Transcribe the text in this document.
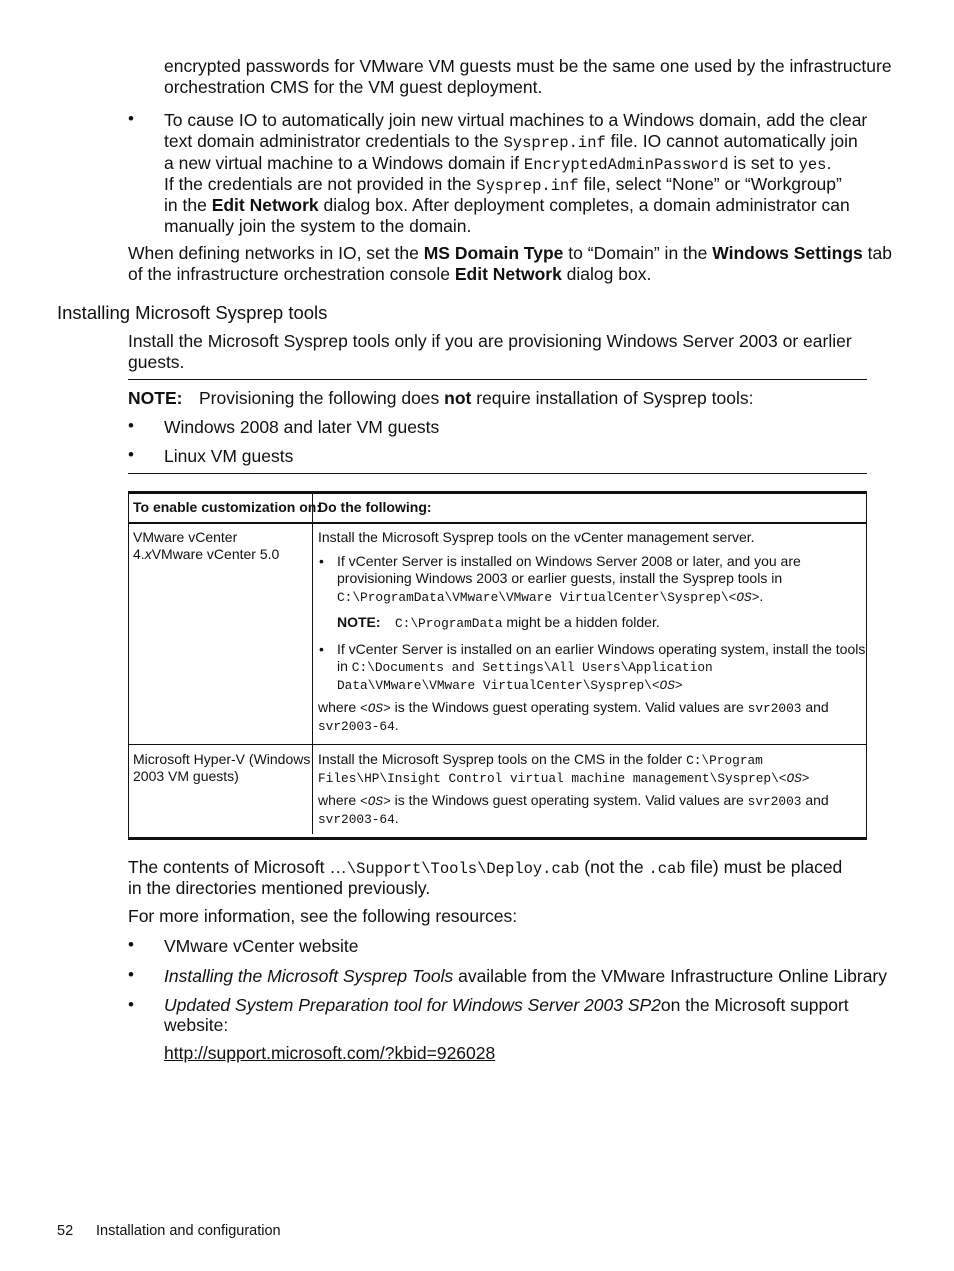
encrypted passwords for VMware VM guests must be the same one used by the infrastructure
orchestration CMS for the VM guest deployment.
• To cause IO to automatically join new virtual machines to a Windows domain, add the clear
text domain administrator credentials to the Sysprep.inf file. IO cannot automatically join
a new virtual machine to a Windows domain if EncryptedAdminPassword is set to yes.
If the credentials are not provided in the Sysprep.inf file, select “None” or “Workgroup”
in the Edit Network dialog box. After deployment completes, a domain administrator can
manually join the system to the domain.
When defining networks in IO, set the MS Domain Type to “Domain” in the Windows Settings tab
of the infrastructure orchestration console Edit Network dialog box.
Installing Microsoft Sysprep tools
Install the Microsoft Sysprep tools only if you are provisioning Windows Server 2003 or earlier
guests.
NOTE: Provisioning the following does not require installation of Sysprep tools:
• Windows 2008 and later VM guests
• Linux VM guests
To enable customization on:
Do the following:
VMware vCenter
4.xVMware vCenter 5.0
Install the Microsoft Sysprep tools on the vCenter management server.
• If vCenter Server is installed on Windows Server 2008 or later, and you are
provisioning Windows 2003 or earlier guests, install the Sysprep tools in
C:\ProgramData\VMware\VMware VirtualCenter\Sysprep\<OS>.
NOTE: C:\ProgramData might be a hidden folder.
• If vCenter Server is installed on an earlier Windows operating system, install the tools
in C:\Documents and Settings\All Users\Application
Data\VMware\VMware VirtualCenter\Sysprep\<OS>
where <OS> is the Windows guest operating system. Valid values are svr2003 and
svr2003-64.
Microsoft Hyper-V (Windows
2003 VM guests)
Install the Microsoft Sysprep tools on the CMS in the folder C:\Program
Files\HP\Insight Control virtual machine management\Sysprep\<OS>
where <OS> is the Windows guest operating system. Valid values are svr2003 and
svr2003-64.
The contents of Microsoft …\Support\Tools\Deploy.cab (not the .cab file) must be placed
in the directories mentioned previously.
For more information, see the following resources:
• VMware vCenter website
• Installing the Microsoft Sysprep Tools available from the VMware Infrastructure Online Library
• Updated System Preparation tool for Windows Server 2003 SP2on the Microsoft support
website:
http://support.microsoft.com/?kbid=926028
52 Installation and configuration
